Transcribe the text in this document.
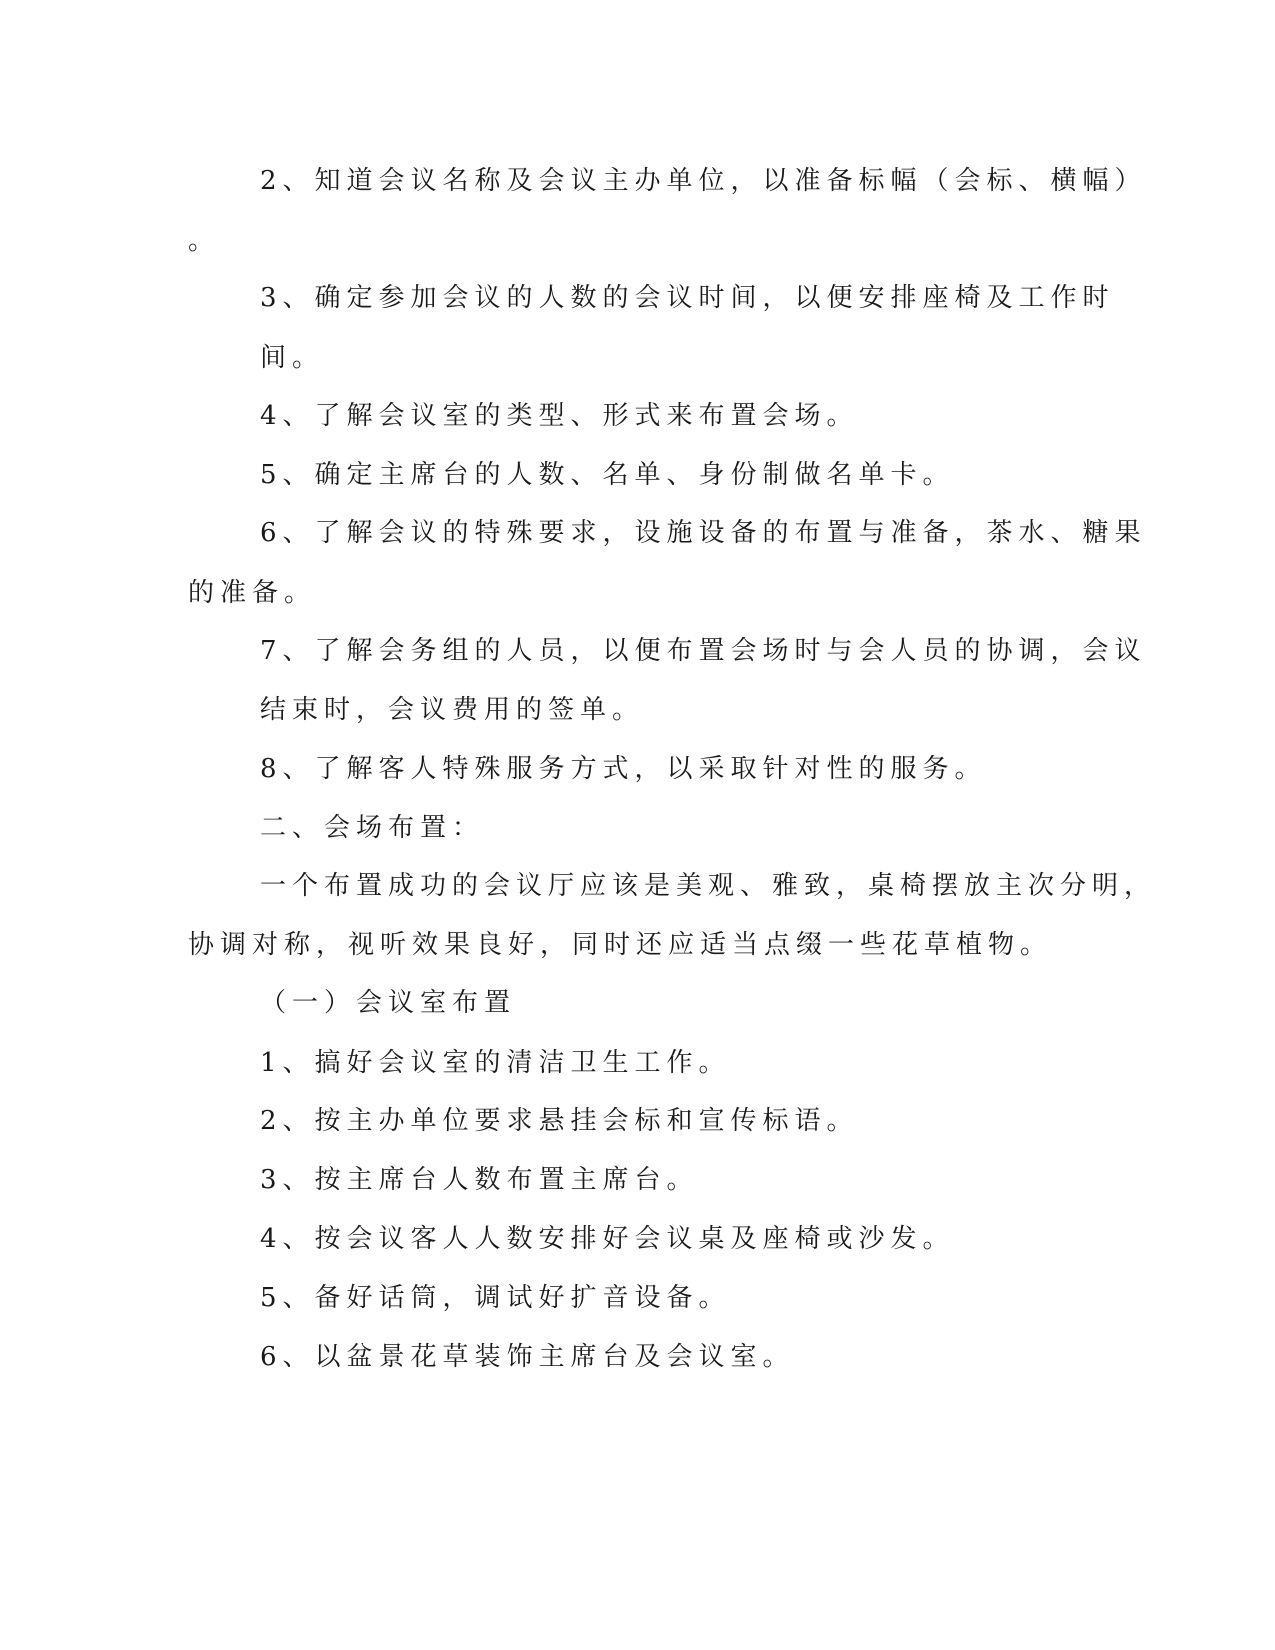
2、知道会议名称及会议主办单位，以准备标幅（会标、横幅）
。
3、确定参加会议的人数的会议时间，以便安排座椅及工作时
间。
4、了解会议室的类型、形式来布置会场。
5、确定主席台的人数、名单、身份制做名单卡。
6、了解会议的特殊要求，设施设备的布置与准备，茶水、糖果
的准备。
7、了解会务组的人员，以便布置会场时与会人员的协调，会议
结束时，会议费用的签单。
8、了解客人特殊服务方式，以采取针对性的服务。
二、会场布置：
一个布置成功的会议厅应该是美观、雅致，桌椅摆放主次分明，
协调对称，视听效果良好，同时还应适当点缀一些花草植物。
（一）会议室布置
1、搞好会议室的清洁卫生工作。
2、按主办单位要求悬挂会标和宣传标语。
3、按主席台人数布置主席台。
4、按会议客人人数安排好会议桌及座椅或沙发。
5、备好话筒，调试好扩音设备。
6、以盆景花草装饰主席台及会议室。
